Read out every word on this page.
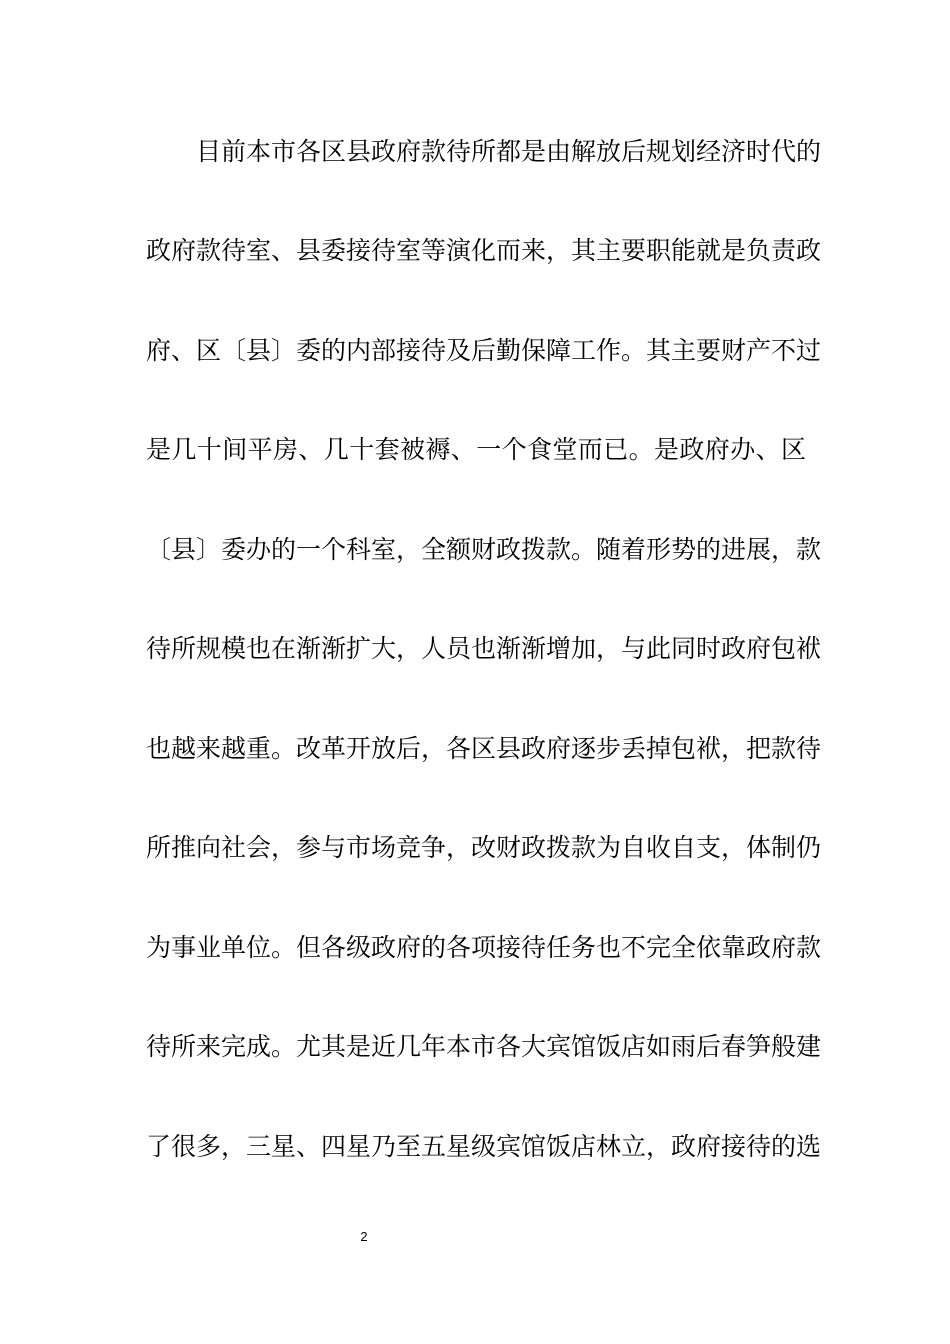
目前本市各区县政府款待所都是由解放后规划经济时代的
政府款待室、县委接待室等演化而来，其主要职能就是负责政
府、区〔县〕委的内部接待及后勤保障工作。其主要财产不过
是几十间平房、几十套被褥、一个食堂而已。是政府办、区
〔县〕委办的一个科室，全额财政拨款。随着形势的进展，款
待所规模也在渐渐扩大，人员也渐渐增加，与此同时政府包袱
也越来越重。改革开放后，各区县政府逐步丢掉包袱，把款待
所推向社会，参与市场竞争，改财政拨款为自收自支，体制仍
为事业单位。但各级政府的各项接待任务也不完全依靠政府款
待所来完成。尤其是近几年本市各大宾馆饭店如雨后春笋般建
了很多，三星、四星乃至五星级宾馆饭店林立，政府接待的选
2
